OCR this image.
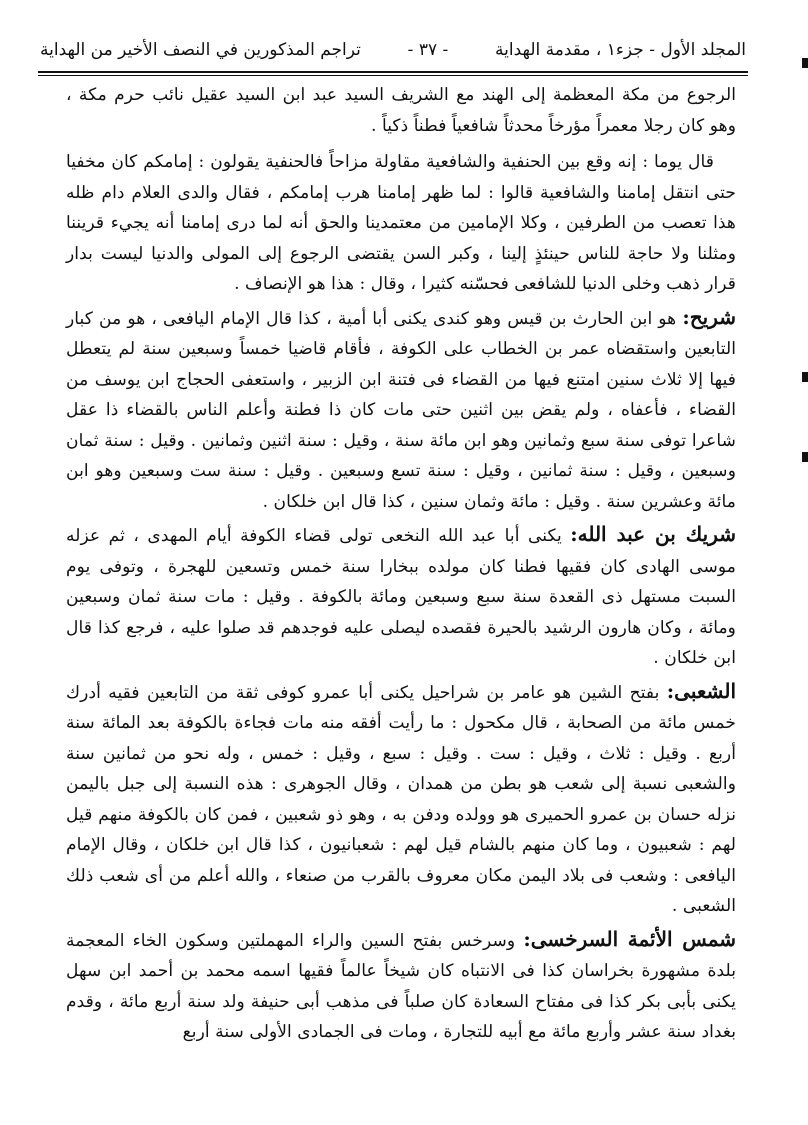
المجلد الأول - جزء١ ، مقدمة الهداية
- ٣٧ -
تراجم المذكورين في النصف الأخير من الهداية

الرجوع من مكة المعظمة إلى الهند مع الشريف السيد عبد ابن السيد عقيل نائب حرم مكة ، وهو كان رجلا معمراً مؤرخاً محدثاً شافعياً فطناً ذكياً .

قال يوما : إنه وقع بين الحنفية والشافعية مقاولة مزاحاً فالحنفية يقولون : إمامكم كان مخفيا حتى انتقل إمامنا والشافعية قالوا : لما ظهر إمامنا هرب إمامكم ، فقال والدى العلام دام ظله هذا تعصب من الطرفين ، وكلا الإمامين من معتمدينا والحق أنه لما درى إمامنا أنه يجيء قريننا ومثلنا ولا حاجة للناس حينئذٍ إلينا ، وكبر السن يقتضى الرجوع إلى المولى والدنيا ليست بدار قرار ذهب وخلى الدنيا للشافعى فحسّنه كثيرا ، وقال : هذا هو الإنصاف .

شريح: هو ابن الحارث بن قيس وهو كندى يكنى أبا أمية ، كذا قال الإمام اليافعى ، هو من كبار التابعين واستقضاه عمر بن الخطاب على الكوفة ، فأقام قاضيا خمساً وسبعين سنة لم يتعطل فيها إلا ثلاث سنين امتنع فيها من القضاء فى فتنة ابن الزبير ، واستعفى الحجاج ابن يوسف من القضاء ، فأعفاه ، ولم يقض بين اثنين حتى مات كان ذا فطنة وأعلم الناس بالقضاء ذا عقل شاعرا توفى سنة سبع وثمانين وهو ابن مائة سنة ، وقيل : سنة اثنين وثمانين . وقيل : سنة ثمان وسبعين ، وقيل : سنة ثمانين ، وقيل : سنة تسع وسبعين . وقيل : سنة ست وسبعين وهو ابن مائة وعشرين سنة . وقيل : مائة وثمان سنين ، كذا قال ابن خلكان .

شريك بن عبد الله: يكنى أبا عبد الله النخعى تولى قضاء الكوفة أيام المهدى ، ثم عزله موسى الهادى كان فقيها فطنا كان مولده ببخارا سنة خمس وتسعين للهجرة ، وتوفى يوم السبت مستهل ذى القعدة سنة سبع وسبعين ومائة بالكوفة . وقيل : مات سنة ثمان وسبعين ومائة ، وكان هارون الرشيد بالحيرة فقصده ليصلى عليه فوجدهم قد صلوا عليه ، فرجع كذا قال ابن خلكان .

الشعبى: بفتح الشين هو عامر بن شراحيل يكنى أبا عمرو كوفى ثقة من التابعين فقيه أدرك خمس مائة من الصحابة ، قال مكحول : ما رأيت أفقه منه مات فجاءة بالكوفة بعد المائة سنة أربع . وقيل : ثلاث ، وقيل : ست . وقيل : سبع ، وقيل : خمس ، وله نحو من ثمانين سنة والشعبى نسبة إلى شعب هو بطن من همدان ، وقال الجوهرى : هذه النسبة إلى جبل باليمن نزله حسان بن عمرو الحميرى هو وولده ودفن به ، وهو ذو شعبين ، فمن كان بالكوفة منهم قيل لهم : شعبيون ، وما كان منهم بالشام قيل لهم : شعبانيون ، كذا قال ابن خلكان ، وقال الإمام اليافعى : وشعب فى بلاد اليمن مكان معروف بالقرب من صنعاء ، والله أعلم من أى شعب ذلك الشعبى .

شمس الأئمة السرخسى: وسرخس بفتح السين والراء المهملتين وسكون الخاء المعجمة بلدة مشهورة بخراسان كذا فى الانتباه كان شيخاً عالماً فقيها اسمه محمد بن أحمد ابن سهل يكنى بأبى بكر كذا فى مفتاح السعادة كان صلباً فى مذهب أبى حنيفة ولد سنة أربع مائة ، وقدم بغداد سنة عشر وأربع مائة مع أبيه للتجارة ، ومات فى الجمادى الأولى سنة أربع
